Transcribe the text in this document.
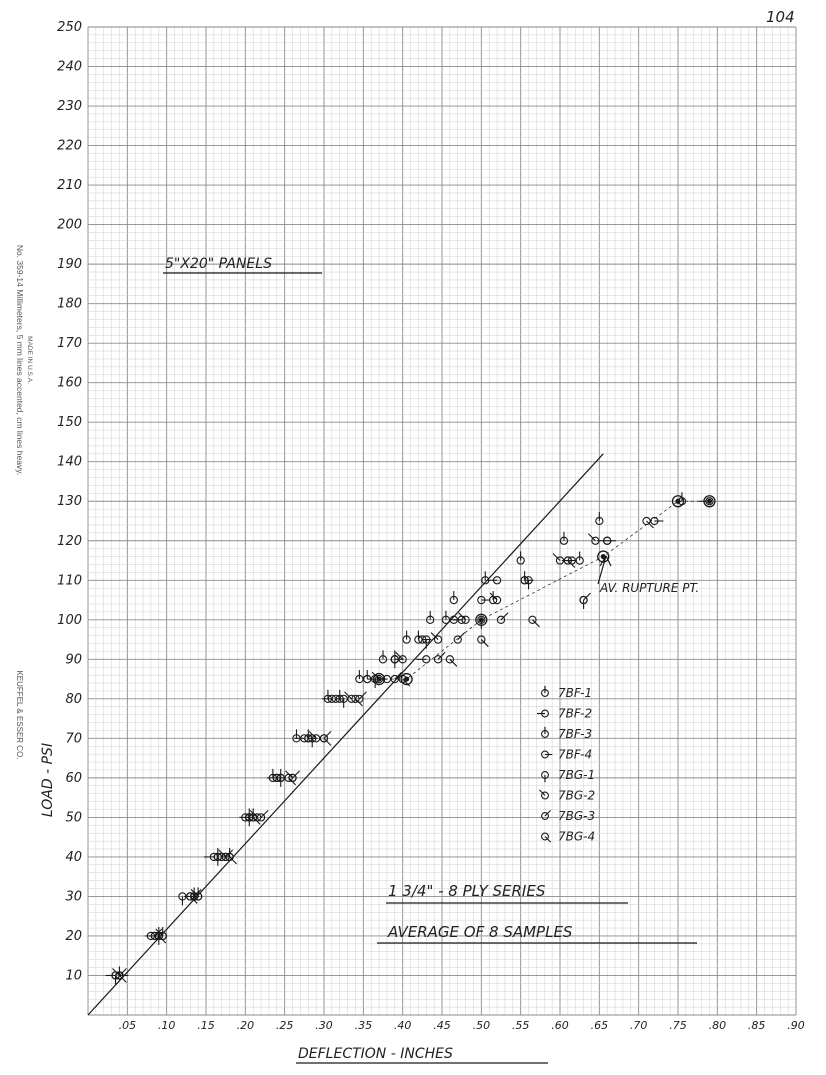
.05 .10 .15 .20 .25 .30 .35 .40 .45 .50 .55 .60 .65 .70 .75 .80 .85 .90
10
20
30
40
50
60
70
80
90
100
110
120
130
140
150
160
170
180
190
200
210
220
230
240
250
104
5"X20" PANELS
1 3/4" - 8 PLY SERIES
AVERAGE OF 8 SAMPLES
AV. RUPTURE PT.
7BF-1
7BF-2
7BF-3
7BF-4
7BG-1
7BG-2
7BG-3
7BG-4
DEFLECTION - INCHES
LOAD - PSI
No. 359-14 Millimeters, 5 mm lines accented, cm lines heavy. MADE IN U.S.A.
KEUFFEL & ESSER CO.
